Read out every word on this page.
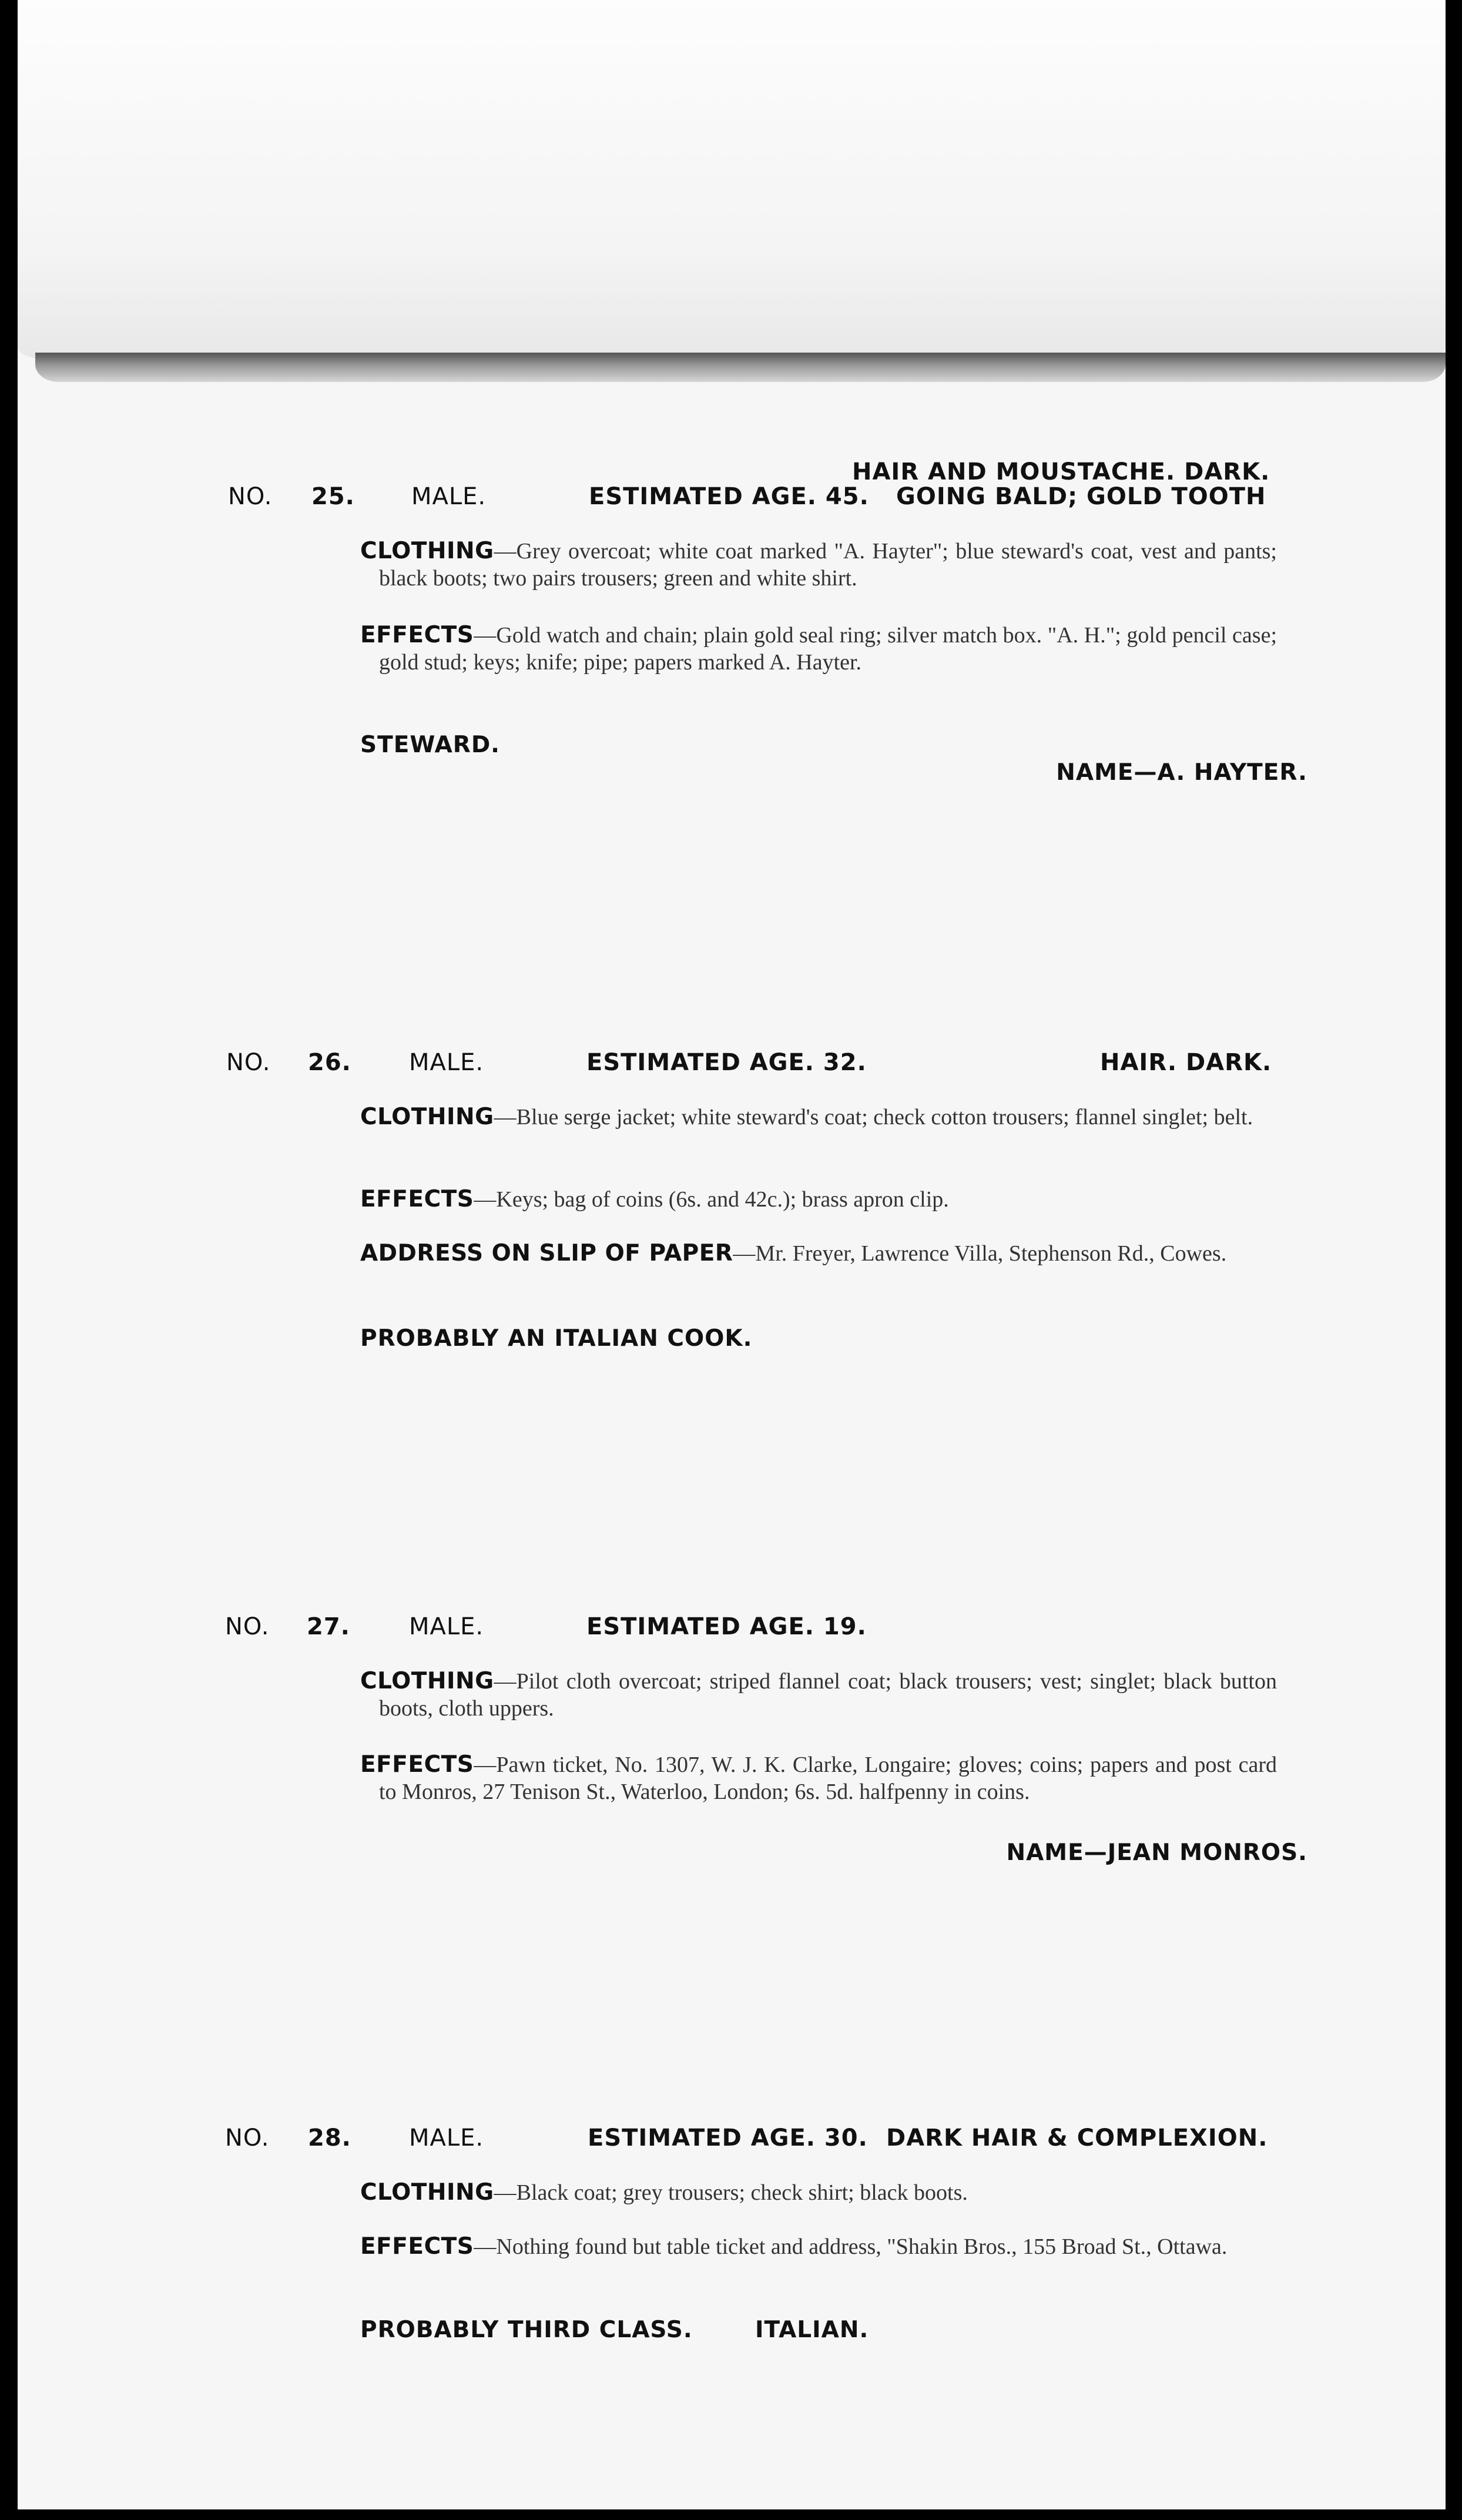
HAIR AND MOUSTACHE. DARK.
NO. 25. MALE.	ESTIMATED AGE. 45. GOING BALD; GOLD TOOTH
CLOTHING—Grey overcoat; white coat marked "A. Hayter"; blue steward's coat, vest and pants; black boots; two pairs trousers; green and white shirt.
EFFECTS—Gold watch and chain; plain gold seal ring; silver match box. "A. H."; gold pencil case; gold stud; keys; knife; pipe; papers marked A. Hayter.
STEWARD.
NAME—A. HAYTER.
NO. 26. MALE.	ESTIMATED AGE. 32.	HAIR. DARK.
CLOTHING—Blue serge jacket; white steward's coat; check cotton trousers; flannel singlet; belt.
EFFECTS—Keys; bag of coins (6s. and 42c.); brass apron clip.
ADDRESS ON SLIP OF PAPER—Mr. Freyer, Lawrence Villa, Stephenson Rd., Cowes.
PROBABLY AN ITALIAN COOK.
NO. 27.	MALE.	ESTIMATED AGE. 19.
CLOTHING—Pilot cloth overcoat; striped flannel coat; black trousers; vest; singlet; black button boots, cloth uppers.
EFFECTS—Pawn ticket, No. 1307, W. J. K. Clarke, Longaire; gloves; coins; papers and post card to Monros, 27 Tenison St., Waterloo, London; 6s. 5d. halfpenny in coins.
NAME—JEAN MONROS.
NO. 28. MALE.	ESTIMATED AGE. 30. DARK HAIR & COMPLEXION.
CLOTHING—Black coat; grey trousers; check shirt; black boots.
EFFECTS—Nothing found but table ticket and address, "Shakin Bros., 155 Broad St., Ottawa.
PROBABLY THIRD CLASS.	ITALIAN.
